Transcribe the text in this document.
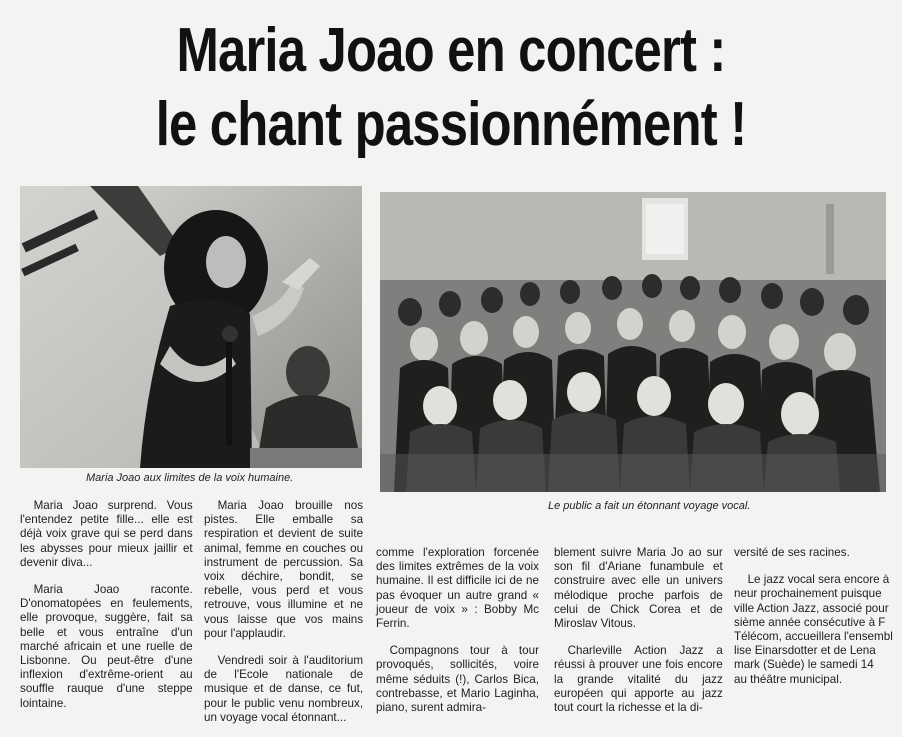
Maria Joao en concert :
le chant passionnément !
Maria Joao aux limites de la voix humaine.
Le public a fait un étonnant voyage vocal.

Maria Joao surprend. Vous l'entendez petite fille... elle est déjà voix grave qui se perd dans les abysses pour mieux jaillir et devenir diva...

Maria Joao raconte. D'onomatopées en feulements, elle provoque, suggère, fait sa belle et vous entraîne d'un marché africain et une ruelle de Lisbonne. Ou peut-être d'une inflexion d'extrême-orient au souffle rauque d'une steppe lointaine.

Maria Joao brouille nos pistes. Elle emballe sa respiration et devient de suite animal, femme en couches ou instrument de percussion. Sa voix déchire, bondit, se rebelle, vous perd et vous retrouve, vous illumine et ne vous laisse que vos mains pour l'applaudir.

Vendredi soir à l'auditorium de l'Ecole nationale de musique et de danse, ce fut, pour le public venu nombreux, un voyage vocal étonnant...

comme l'exploration forcenée des limites extrêmes de la voix humaine. Il est difficile ici de ne pas évoquer un autre grand « joueur de voix » : Bobby Mc Ferrin.

Compagnons tour à tour provoqués, sollicités, voire même séduits (!), Carlos Bica, contrebasse, et Mario Laginha, piano, surent admira-

blement suivre Maria Jo ao sur son fil d'Ariane funambule et construire avec elle un univers mélodique proche parfois de celui de Chick Corea et de Miroslav Vitous.

Charleville Action Jazz a réussi à prouver une fois encore la grande vitalité du jazz européen qui apporte au jazz tout court la richesse et la di-

versité de ses racines.

Le jazz vocal sera encore à
neur prochainement puisque
ville Action Jazz, associé pour
sième année consécutive à F
Télécom, accueillera l'ensembl
lise Einarsdotter et de Lena
mark (Suède) le samedi 14
au théâtre municipal.
